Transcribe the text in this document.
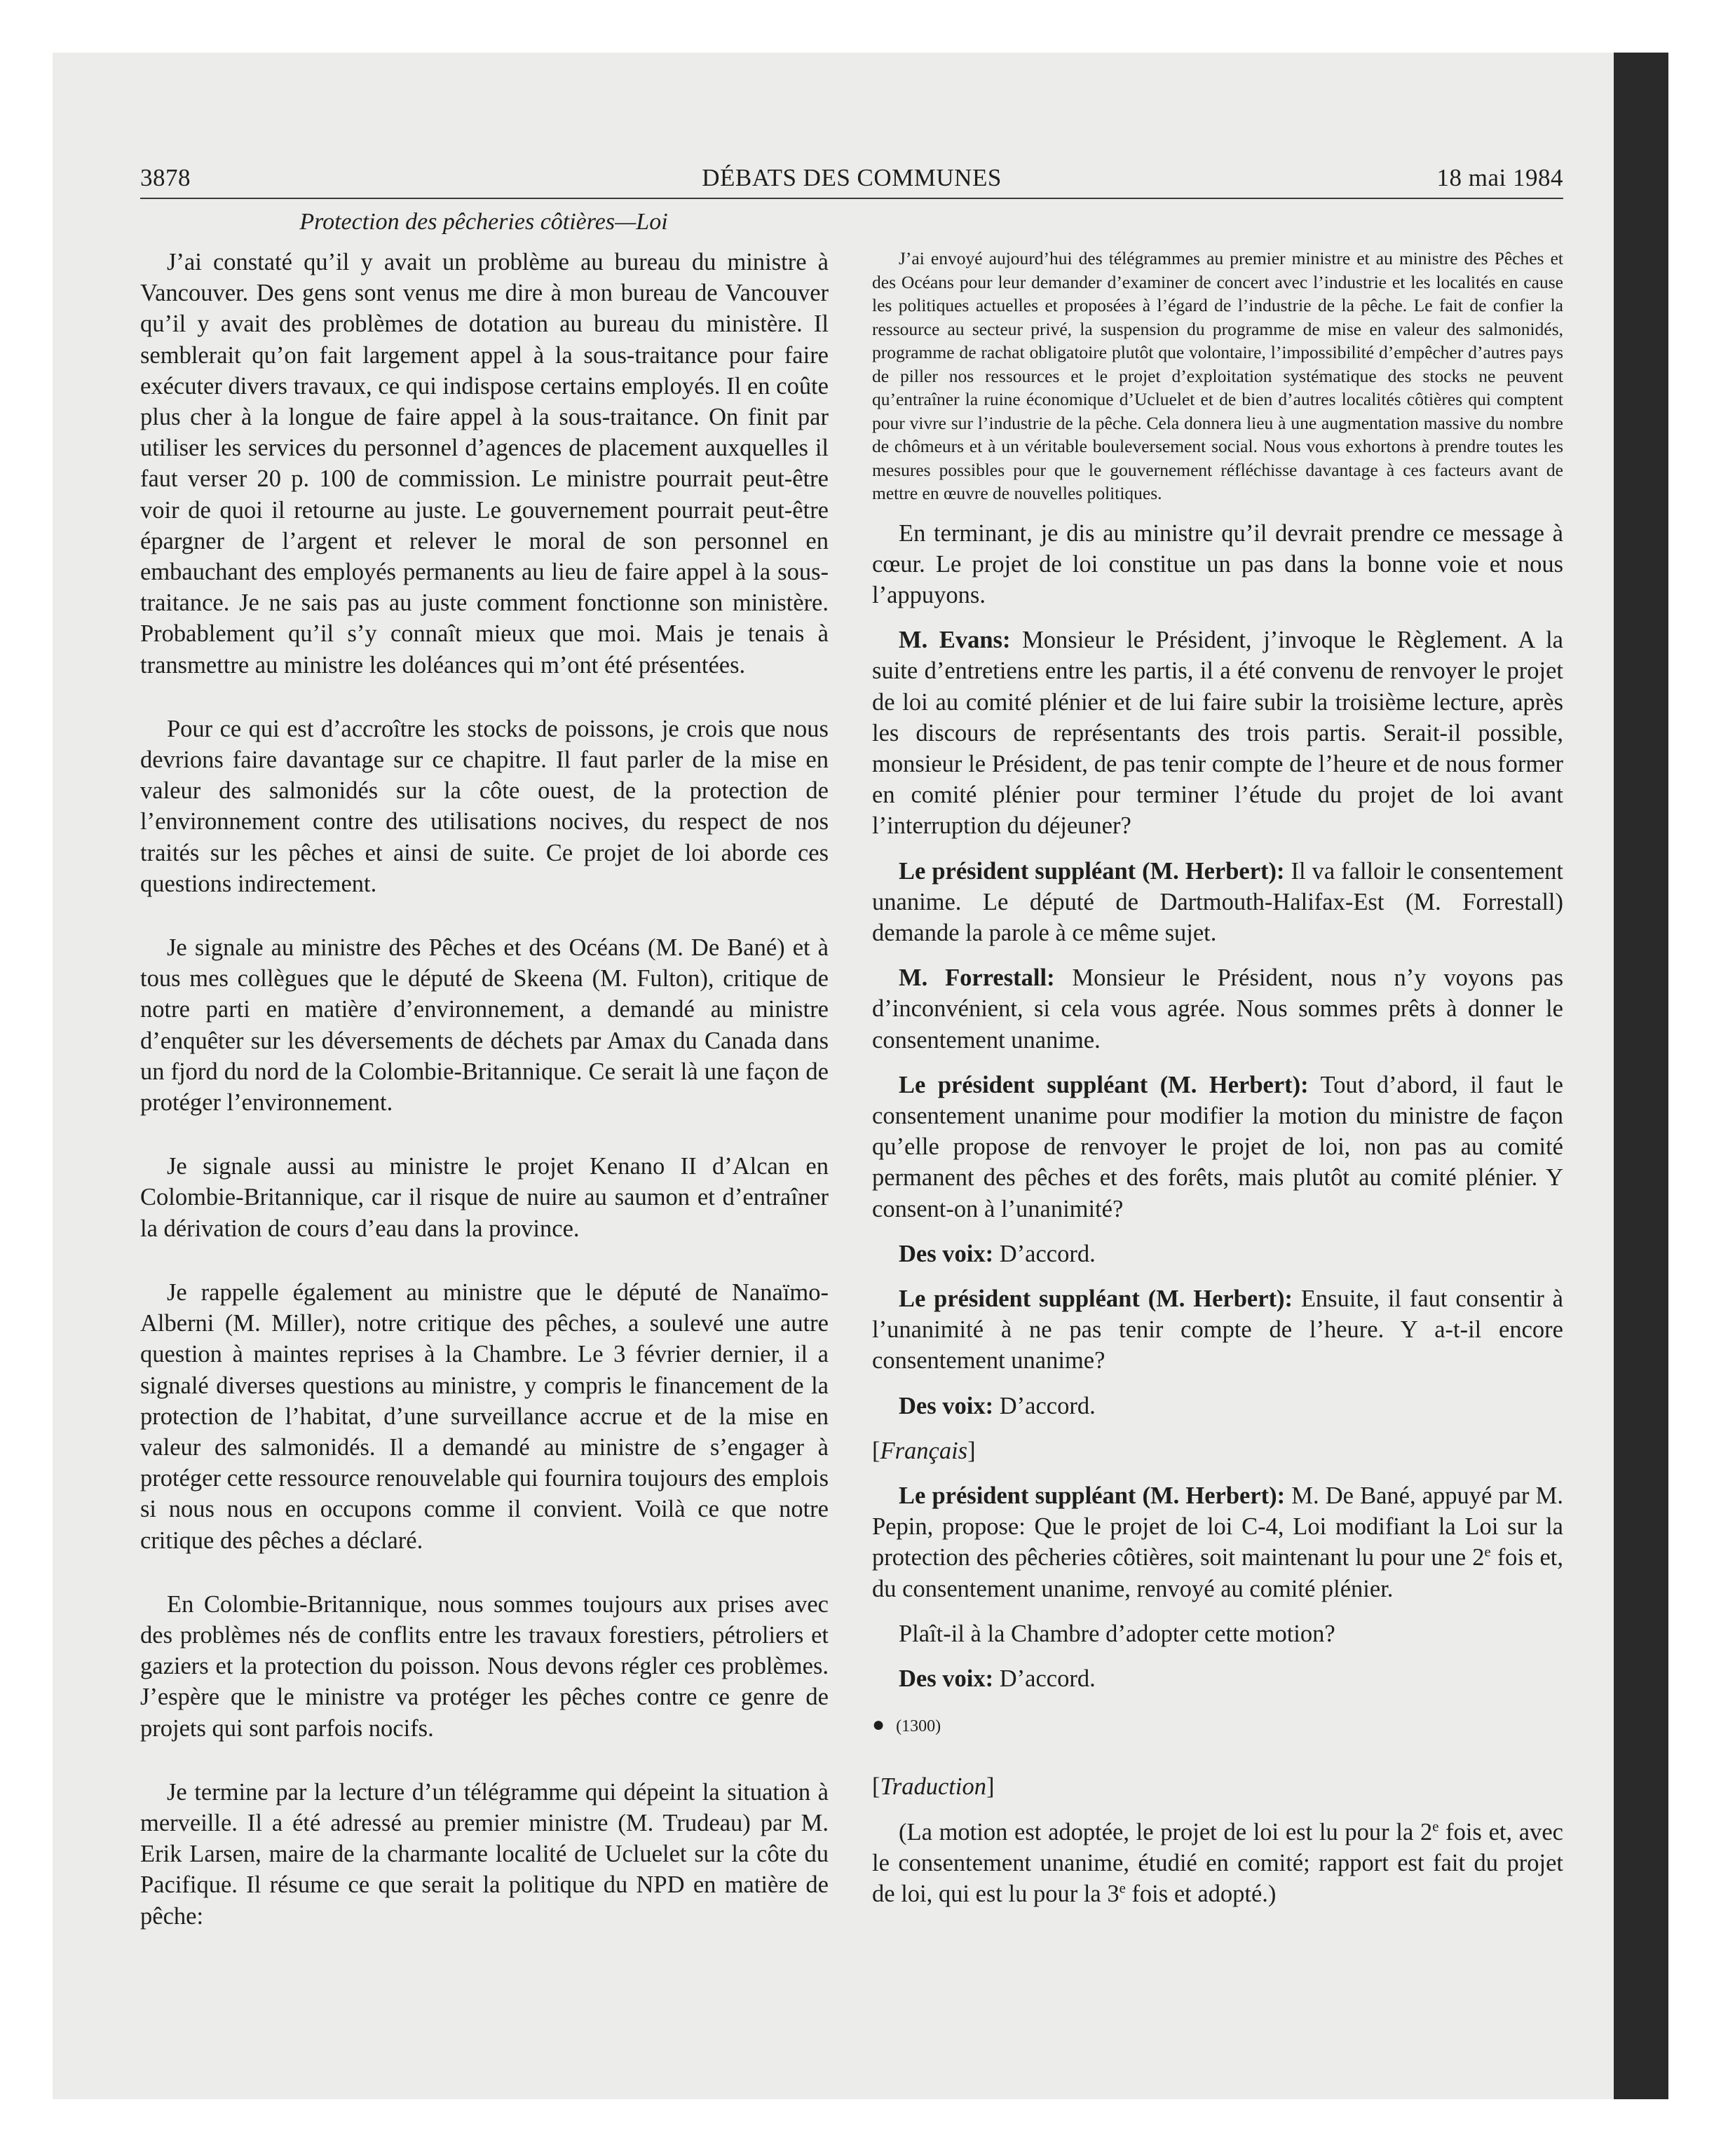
3878	DÉBATS DES COMMUNES	18 mai 1984
Protection des pêcheries côtières—Loi

J’ai constaté qu’il y avait un problème au bureau du ministre à Vancouver. Des gens sont venus me dire à mon bureau de Vancouver qu’il y avait des problèmes de dotation au bureau du ministère. Il semblerait qu’on fait largement appel à la sous-traitance pour faire exécuter divers travaux, ce qui indispose certains employés. Il en coûte plus cher à la longue de faire appel à la sous-traitance. On finit par utiliser les services du personnel d’agences de placement auxquelles il faut verser 20 p. 100 de commission. Le ministre pourrait peut-être voir de quoi il retourne au juste. Le gouvernement pourrait peut-être épargner de l’argent et relever le moral de son personnel en embauchant des employés permanents au lieu de faire appel à la sous-traitance. Je ne sais pas au juste comment fonctionne son ministère. Probablement qu’il s’y connaît mieux que moi. Mais je tenais à transmettre au ministre les doléances qui m’ont été présentées.

Pour ce qui est d’accroître les stocks de poissons, je crois que nous devrions faire davantage sur ce chapitre. Il faut parler de la mise en valeur des salmonidés sur la côte ouest, de la protection de l’environnement contre des utilisations nocives, du respect de nos traités sur les pêches et ainsi de suite. Ce projet de loi aborde ces questions indirectement.

Je signale au ministre des Pêches et des Océans (M. De Bané) et à tous mes collègues que le député de Skeena (M. Fulton), critique de notre parti en matière d’environnement, a demandé au ministre d’enquêter sur les déversements de déchets par Amax du Canada dans un fjord du nord de la Colombie-Britannique. Ce serait là une façon de protéger l’environnement.

Je signale aussi au ministre le projet Kenano II d’Alcan en Colombie-Britannique, car il risque de nuire au saumon et d’entraîner la dérivation de cours d’eau dans la province.

Je rappelle également au ministre que le député de Nanaïmo-Alberni (M. Miller), notre critique des pêches, a soulevé une autre question à maintes reprises à la Chambre. Le 3 février dernier, il a signalé diverses questions au ministre, y compris le financement de la protection de l’habitat, d’une surveillance accrue et de la mise en valeur des salmonidés. Il a demandé au ministre de s’engager à protéger cette ressource renouvelable qui fournira toujours des emplois si nous nous en occupons comme il convient. Voilà ce que notre critique des pêches a déclaré.

En Colombie-Britannique, nous sommes toujours aux prises avec des problèmes nés de conflits entre les travaux forestiers, pétroliers et gaziers et la protection du poisson. Nous devons régler ces problèmes. J’espère que le ministre va protéger les pêches contre ce genre de projets qui sont parfois nocifs.

Je termine par la lecture d’un télégramme qui dépeint la situation à merveille. Il a été adressé au premier ministre (M. Trudeau) par M. Erik Larsen, maire de la charmante localité de Ucluelet sur la côte du Pacifique. Il résume ce que serait la politique du NPD en matière de pêche:

J’ai envoyé aujourd’hui des télégrammes au premier ministre et au ministre des Pêches et des Océans pour leur demander d’examiner de concert avec l’industrie et les localités en cause les politiques actuelles et proposées à l’égard de l’industrie de la pêche. Le fait de confier la ressource au secteur privé, la suspension du programme de mise en valeur des salmonidés, programme de rachat obligatoire plutôt que volontaire, l’impossibilité d’empêcher d’autres pays de piller nos ressources et le projet d’exploitation systématique des stocks ne peuvent qu’entraîner la ruine économique d’Ucluelet et de bien d’autres localités côtières qui comptent pour vivre sur l’industrie de la pêche. Cela donnera lieu à une augmentation massive du nombre de chômeurs et à un véritable bouleversement social. Nous vous exhortons à prendre toutes les mesures possibles pour que le gouvernement réfléchisse davantage à ces facteurs avant de mettre en œuvre de nouvelles politiques.

En terminant, je dis au ministre qu’il devrait prendre ce message à cœur. Le projet de loi constitue un pas dans la bonne voie et nous l’appuyons.

M. Evans: Monsieur le Président, j’invoque le Règlement. A la suite d’entretiens entre les partis, il a été convenu de renvoyer le projet de loi au comité plénier et de lui faire subir la troisième lecture, après les discours de représentants des trois partis. Serait-il possible, monsieur le Président, de pas tenir compte de l’heure et de nous former en comité plénier pour terminer l’étude du projet de loi avant l’interruption du déjeuner?

Le président suppléant (M. Herbert): Il va falloir le consentement unanime. Le député de Dartmouth-Halifax-Est (M. Forrestall) demande la parole à ce même sujet.

M. Forrestall: Monsieur le Président, nous n’y voyons pas d’inconvénient, si cela vous agrée. Nous sommes prêts à donner le consentement unanime.

Le président suppléant (M. Herbert): Tout d’abord, il faut le consentement unanime pour modifier la motion du ministre de façon qu’elle propose de renvoyer le projet de loi, non pas au comité permanent des pêches et des forêts, mais plutôt au comité plénier. Y consent-on à l’unanimité?

Des voix: D’accord.

Le président suppléant (M. Herbert): Ensuite, il faut consentir à l’unanimité à ne pas tenir compte de l’heure. Y a-t-il encore consentement unanime?

Des voix: D’accord.

[Français]

Le président suppléant (M. Herbert): M. De Bané, appuyé par M. Pepin, propose: Que le projet de loi C-4, Loi modifiant la Loi sur la protection des pêcheries côtières, soit maintenant lu pour une 2e fois et, du consentement unanime, renvoyé au comité plénier.

Plaît-il à la Chambre d’adopter cette motion?

Des voix: D’accord.

● (1300)

[Traduction]

(La motion est adoptée, le projet de loi est lu pour la 2e fois et, avec le consentement unanime, étudié en comité; rapport est fait du projet de loi, qui est lu pour la 3e fois et adopté.)
